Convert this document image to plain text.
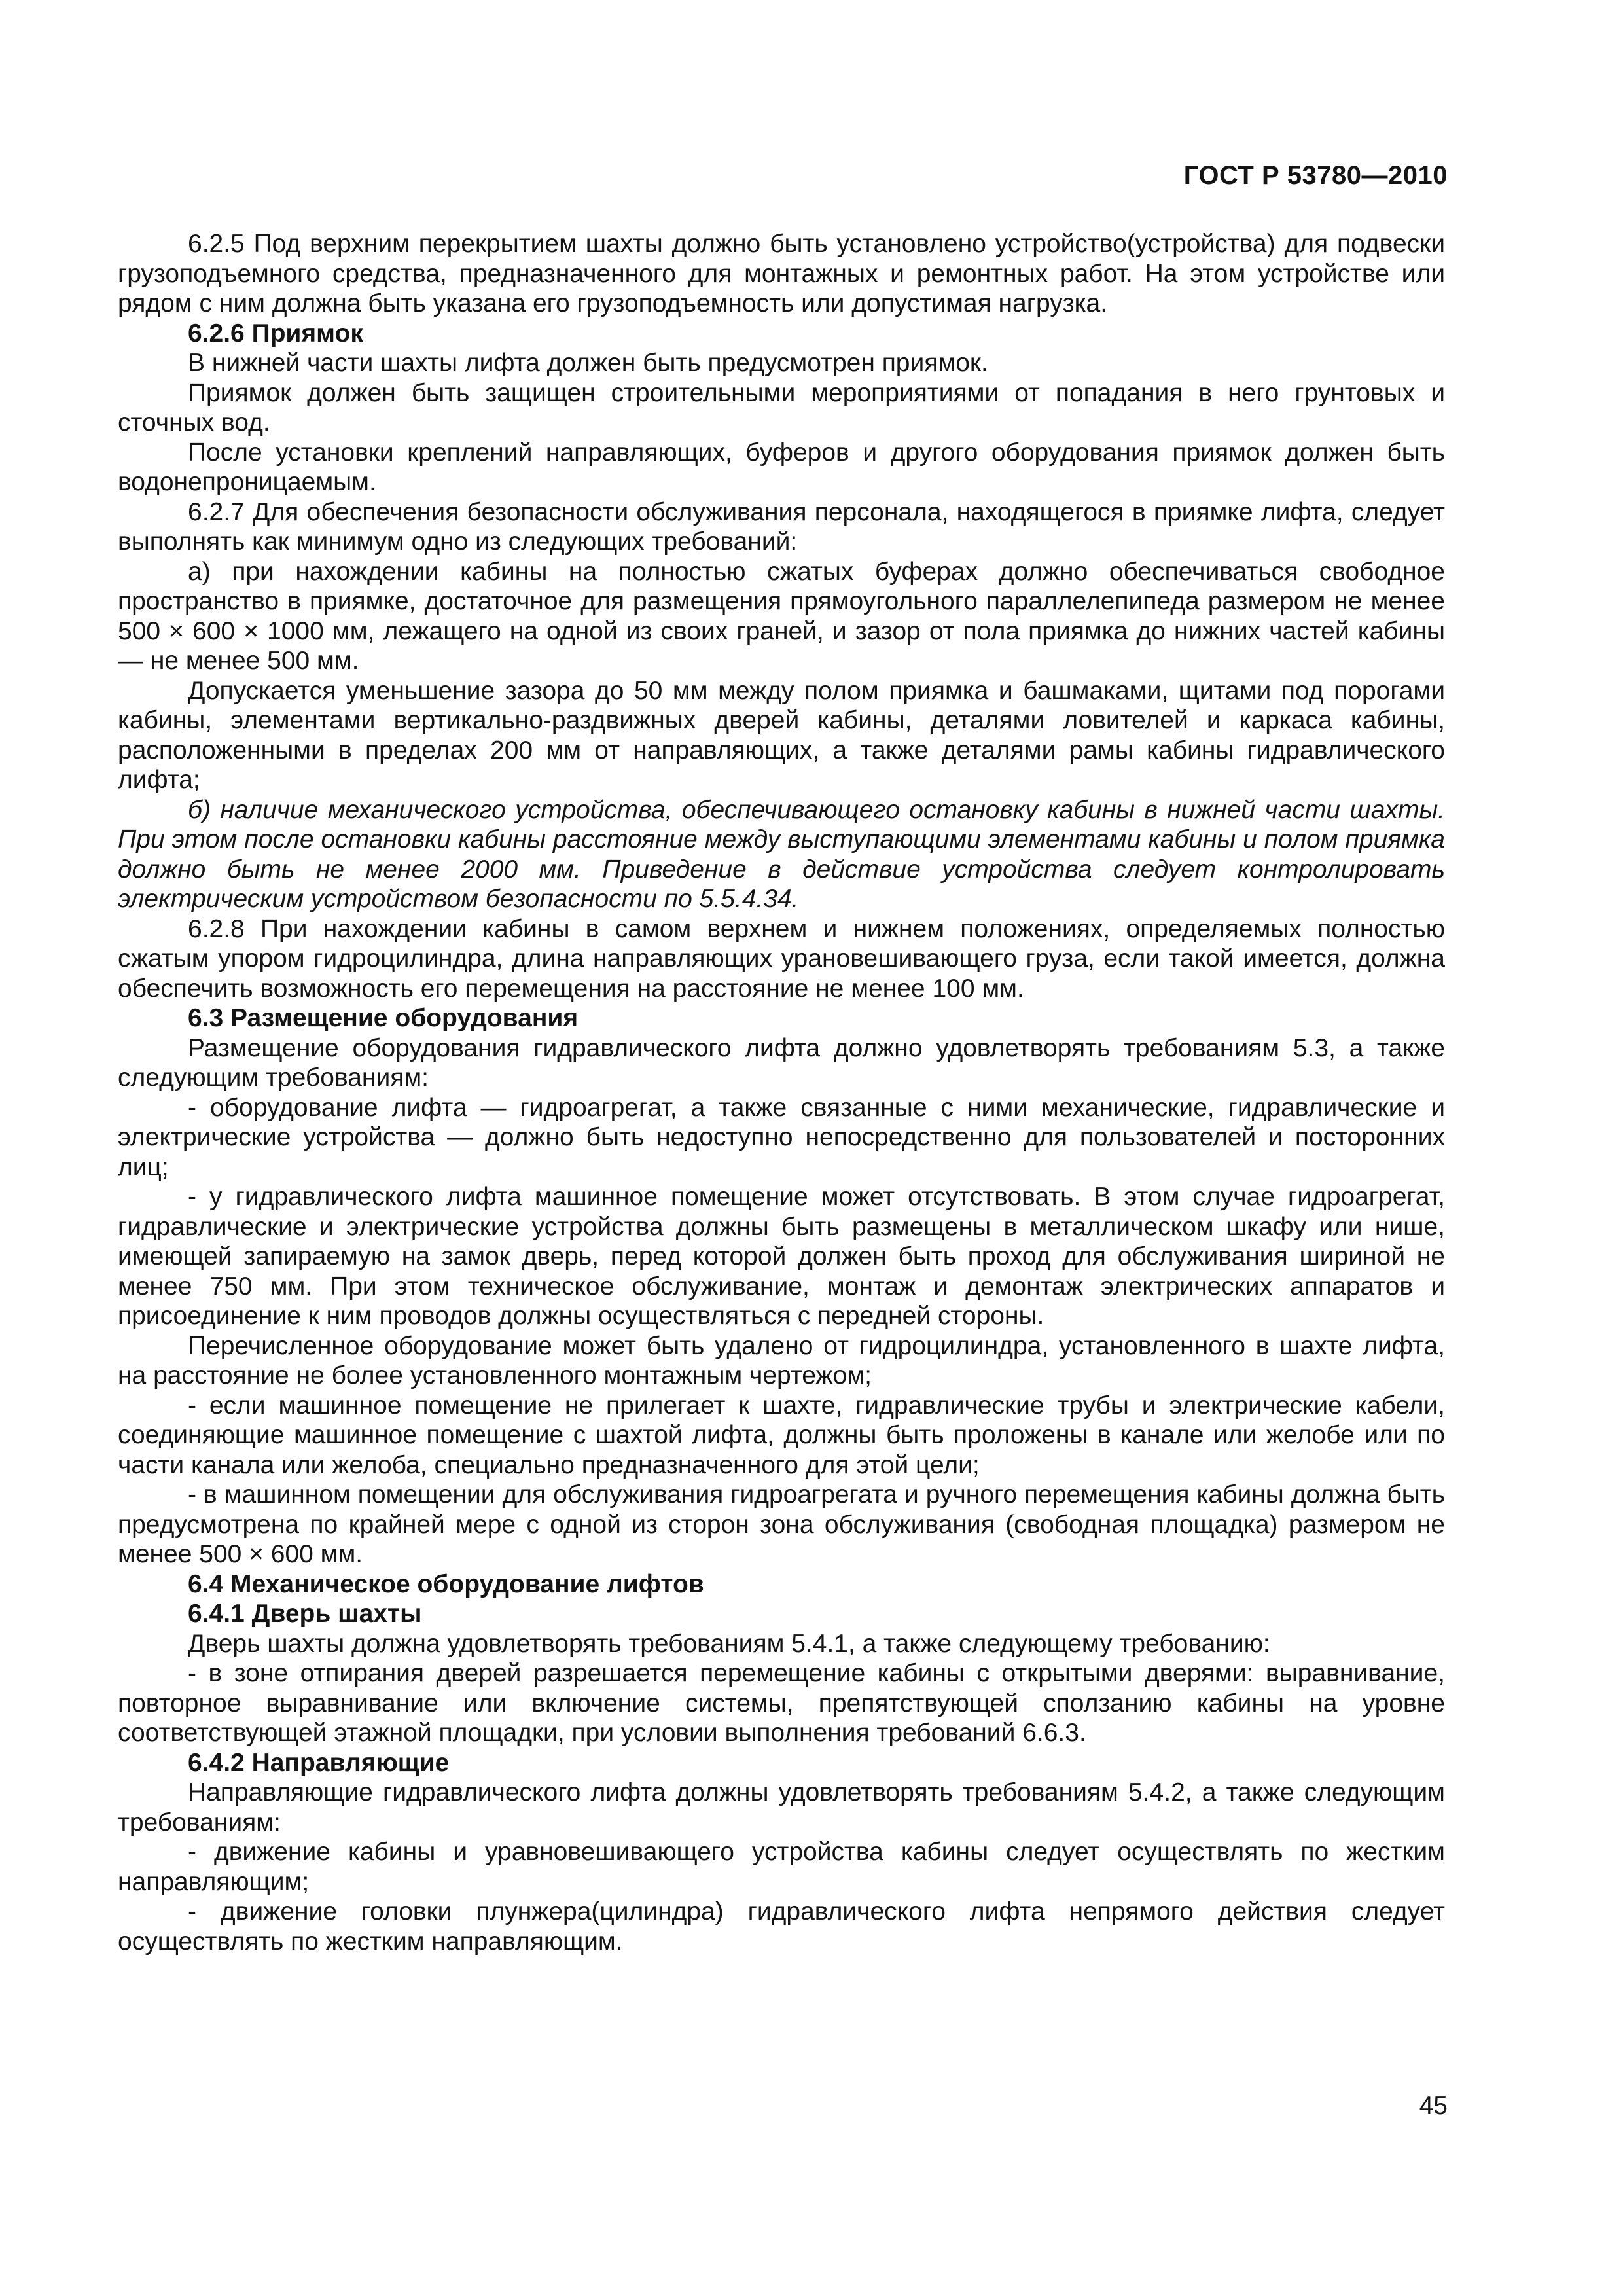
ГОСТ Р 53780—2010

6.2.5 Под верхним перекрытием шахты должно быть установлено устройство(устройства) для подвески грузоподъемного средства, предназначенного для монтажных и ремонтных работ. На этом устройстве или рядом с ним должна быть указана его грузоподъемность или допустимая нагрузка.

6.2.6 Приямок

В нижней части шахты лифта должен быть предусмотрен приямок.

Приямок должен быть защищен строительными мероприятиями от попадания в него грунтовых и сточных вод.

После установки креплений направляющих, буферов и другого оборудования приямок должен быть водонепроницаемым.

6.2.7 Для обеспечения безопасности обслуживания персонала, находящегося в приямке лифта, следует выполнять как минимум одно из следующих требований:

а) при нахождении кабины на полностью сжатых буферах должно обеспечиваться свободное пространство в приямке, достаточное для размещения прямоугольного параллелепипеда размером не менее 500 × 600 × 1000 мм, лежащего на одной из своих граней, и зазор от пола приямка до нижних частей кабины — не менее 500 мм.

Допускается уменьшение зазора до 50 мм между полом приямка и башмаками, щитами под порогами кабины, элементами вертикально-раздвижных дверей кабины, деталями ловителей и каркаса кабины, расположенными в пределах 200 мм от направляющих, а также деталями рамы кабины гидравлического лифта;

б) наличие механического устройства, обеспечивающего остановку кабины в нижней части шахты. При этом после остановки кабины расстояние между выступающими элементами кабины и полом приямка должно быть не менее 2000 мм. Приведение в действие устройства следует контролировать электрическим устройством безопасности по 5.5.4.34.

6.2.8 При нахождении кабины в самом верхнем и нижнем положениях, определяемых полностью сжатым упором гидроцилиндра, длина направляющих урановешивающего груза, если такой имеется, должна обеспечить возможность его перемещения на расстояние не менее 100 мм.

6.3 Размещение оборудования

Размещение оборудования гидравлического лифта должно удовлетворять требованиям 5.3, а также следующим требованиям:

- оборудование лифта — гидроагрегат, а также связанные с ними механические, гидравлические и электрические устройства — должно быть недоступно непосредственно для пользователей и посторонних лиц;

- у гидравлического лифта машинное помещение может отсутствовать. В этом случае гидроагрегат, гидравлические и электрические устройства должны быть размещены в металлическом шкафу или нише, имеющей запираемую на замок дверь, перед которой должен быть проход для обслуживания шириной не менее 750 мм. При этом техническое обслуживание, монтаж и демонтаж электрических аппаратов и присоединение к ним проводов должны осуществляться с передней стороны.

Перечисленное оборудование может быть удалено от гидроцилиндра, установленного в шахте лифта, на расстояние не более установленного монтажным чертежом;

- если машинное помещение не прилегает к шахте, гидравлические трубы и электрические кабели, соединяющие машинное помещение с шахтой лифта, должны быть проложены в канале или желобе или по части канала или желоба, специально предназначенного для этой цели;

- в машинном помещении для обслуживания гидроагрегата и ручного перемещения кабины должна быть предусмотрена по крайней мере с одной из сторон зона обслуживания (свободная площадка) размером не менее 500 × 600 мм.

6.4 Механическое оборудование лифтов

6.4.1 Дверь шахты

Дверь шахты должна удовлетворять требованиям 5.4.1, а также следующему требованию:

- в зоне отпирания дверей разрешается перемещение кабины с открытыми дверями: выравнивание, повторное выравнивание или включение системы, препятствующей сползанию кабины на уровне соответствующей этажной площадки, при условии выполнения требований 6.6.3.

6.4.2 Направляющие

Направляющие гидравлического лифта должны удовлетворять требованиям 5.4.2, а также следующим требованиям:

- движение кабины и уравновешивающего устройства кабины следует осуществлять по жестким направляющим;

- движение головки плунжера(цилиндра) гидравлического лифта непрямого действия следует осуществлять по жестким направляющим.

45
